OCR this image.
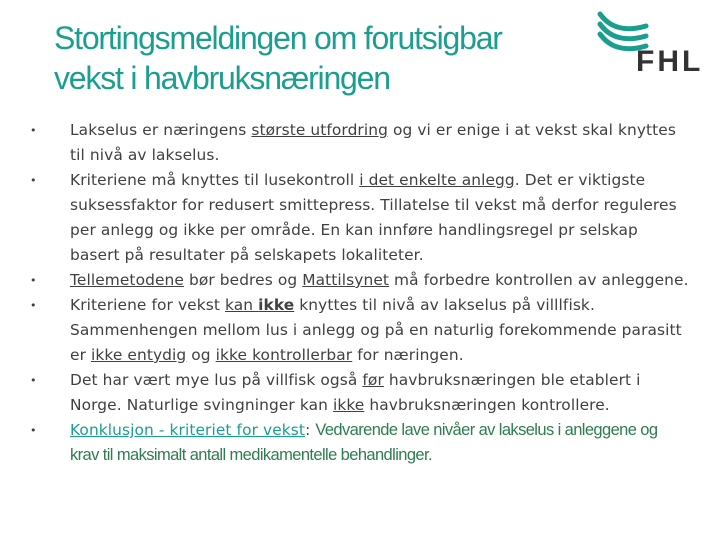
Stortingsmeldingen om forutsigbar vekst i havbruksnæringen	FHL
• Lakselus er næringens største utfordring og vi er enige i at vekst skal knyttes til nivå av lakselus.
• Kriteriene må knyttes til lusekontroll i det enkelte anlegg. Det er viktigste suksessfaktor for redusert smittepress. Tillatelse til vekst må derfor reguleres per anlegg og ikke per område. En kan innføre handlingsregel pr selskap basert på resultater på selskapets lokaliteter.
• Tellemetodene bør bedres og Mattilsynet må forbedre kontrollen av anleggene.
• Kriteriene for vekst kan ikke knyttes til nivå av lakselus på villlfisk. Sammenhengen mellom lus i anlegg og på en naturlig forekommende parasitt er ikke entydig og ikke kontrollerbar for næringen.
• Det har vært mye lus på villfisk også før havbruksnæringen ble etablert i Norge. Naturlige svingninger kan ikke havbruksnæringen kontrollere.
• Konklusjon - kriteriet for vekst: Vedvarende lave nivåer av lakselus i anleggene og krav til maksimalt antall medikamentelle behandlinger.
